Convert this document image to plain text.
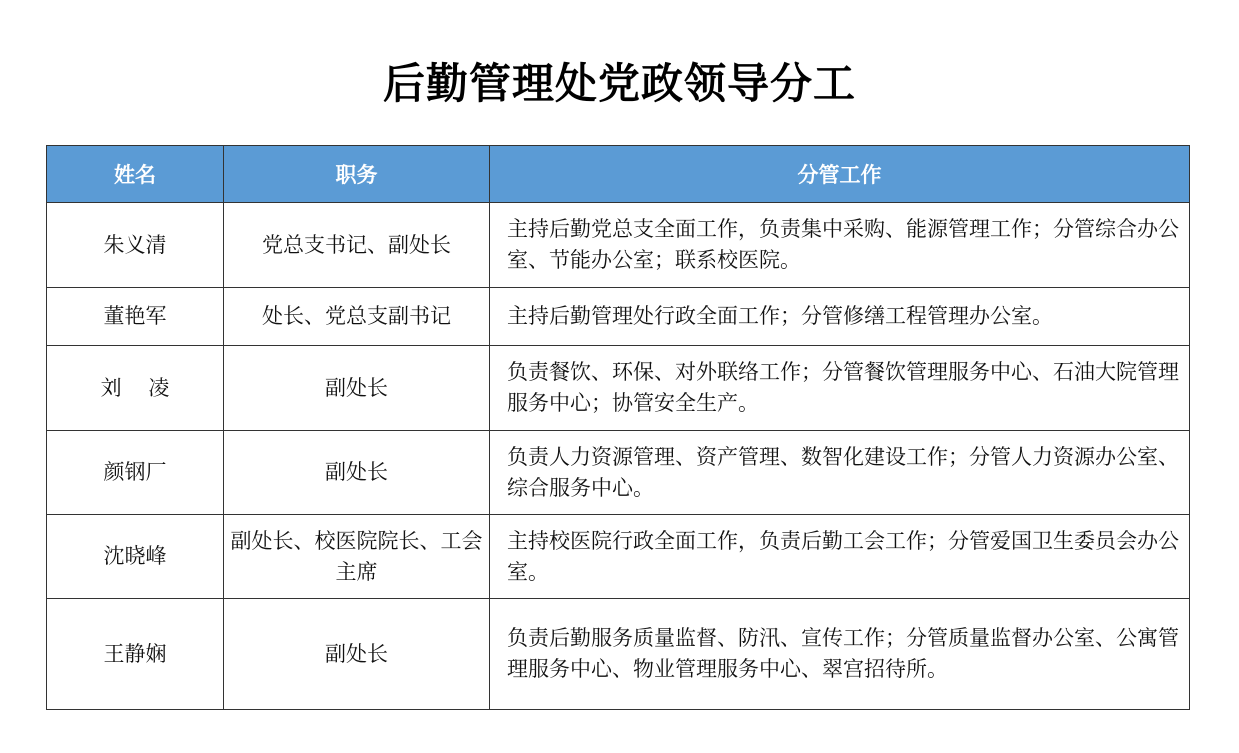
后勤管理处党政领导分工
姓名	职务	分管工作
朱义清	党总支书记、副处长	主持后勤党总支全面工作，负责集中采购、能源管理工作；分管综合办公室、节能办公室；联系校医院。
董艳军	处长、党总支副书记	主持后勤管理处行政全面工作；分管修缮工程管理办公室。
刘    凌	副处长	负责餐饮、环保、对外联络工作；分管餐饮管理服务中心、石油大院管理服务中心；协管安全生产。
颜钢厂	副处长	负责人力资源管理、资产管理、数智化建设工作；分管人力资源办公室、综合服务中心。
沈晓峰	副处长、校医院院长、工会主席	主持校医院行政全面工作，负责后勤工会工作；分管爱国卫生委员会办公室。
王静娴	副处长	负责后勤服务质量监督、防汛、宣传工作；分管质量监督办公室、公寓管理服务中心、物业管理服务中心、翠宫招待所。
